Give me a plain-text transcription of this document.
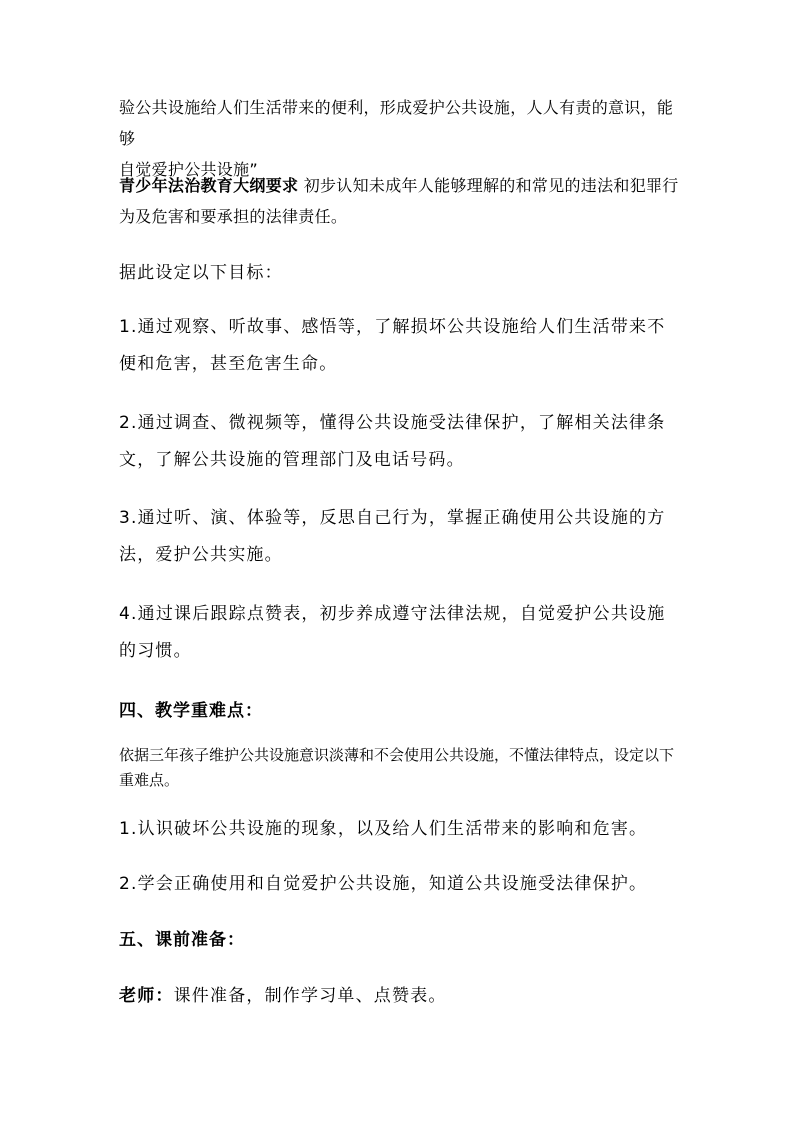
验公共设施给人们生活带来的便利，形成爱护公共设施，人人有责的意识，能够
自觉爱护公共设施”

青少年法治教育大纲要求 初步认知未成年人能够理解的和常见的违法和犯罪行为及危害和要承担的法律责任。

据此设定以下目标：

1.通过观察、听故事、感悟等，了解损坏公共设施给人们生活带来不便和危害，甚至危害生命。

2.通过调查、微视频等，懂得公共设施受法律保护，了解相关法律条文，了解公共设施的管理部门及电话号码。

3.通过听、演、体验等，反思自己行为，掌握正确使用公共设施的方法，爱护公共实施。

4.通过课后跟踪点赞表，初步养成遵守法律法规，自觉爱护公共设施的习惯。

四、教学重难点：

依据三年孩子维护公共设施意识淡薄和不会使用公共设施，不懂法律特点，设定以下重难点。

1.认识破坏公共设施的现象，以及给人们生活带来的影响和危害。

2.学会正确使用和自觉爱护公共设施，知道公共设施受法律保护。

五、课前准备：

老师：课件准备，制作学习单、点赞表。
